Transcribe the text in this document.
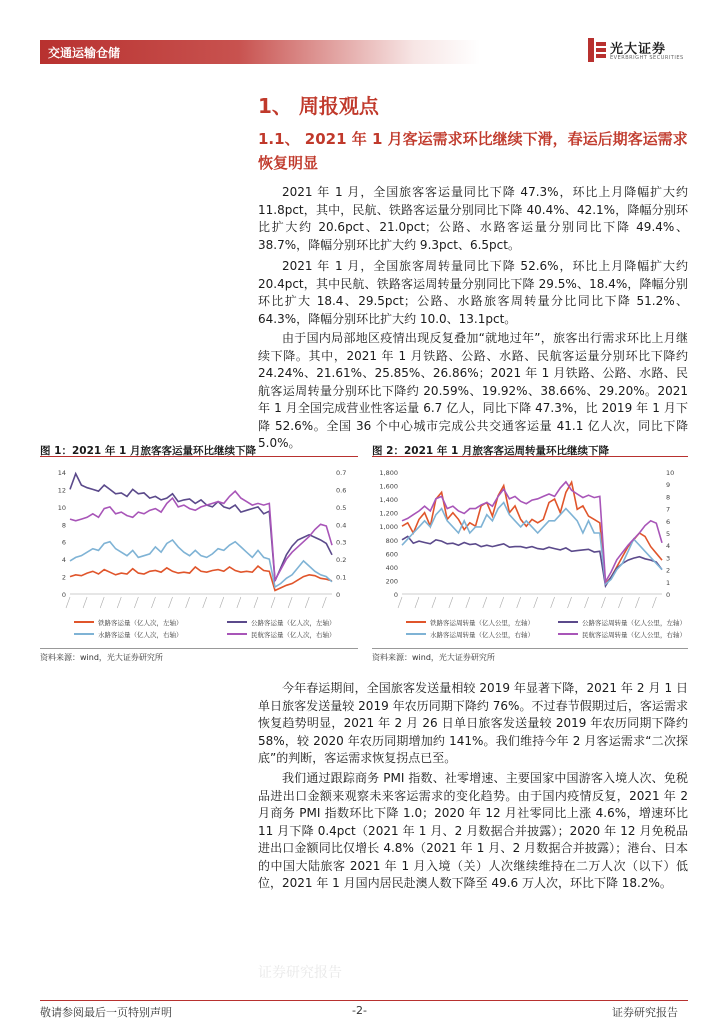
交通运输仓储	光大证券
EVERBRIGHT SECURITIES
1、 周报观点
1.1、 2021 年 1 月客运需求环比继续下滑，春运后期客运需求恢复明显

2021 年 1 月，全国旅客客运量同比下降 47.3%，环比上月降幅扩大约 11.8pct，其中，民航、铁路客运量分别同比下降 40.4%、42.1%，降幅分别环比扩大约 20.6pct、21.0pct；公路、水路客运量分别同比下降 49.4%、38.7%，降幅分别环比扩大约 9.3pct、6.5pct。

2021 年 1 月，全国旅客周转量同比下降 52.6%，环比上月降幅扩大约 20.4pct，其中民航、铁路客运周转量分别同比下降 29.5%、18.4%，降幅分别环比扩大 18.4、29.5pct；公路、水路旅客周转量分比同比下降 51.2%、64.3%，降幅分别环比扩大约 10.0、13.1pct。

由于国内局部地区疫情出现反复叠加“就地过年”，旅客出行需求环比上月继续下降。其中，2021 年 1 月铁路、公路、水路、民航客运量分别环比下降约 24.24%、21.61%、25.85%、26.86%；2021 年 1 月铁路、公路、水路、民航客运周转量分别环比下降约 20.59%、19.92%、38.66%、29.20%。2021 年 1 月全国完成营业性客运量 6.7 亿人，同比下降 47.3%，比 2019 年 1 月下降 52.6%。全国 36 个中心城市完成公共交通客运量 41.1 亿人次，同比下降 5.0%。

图 1：2021 年 1 月旅客客运量环比继续下降	图 2：2021 年 1 月旅客客运周转量环比继续下降
0
2
4
6
8
10
12
14
0
0.1
0.2
0.3
0.4
0.5
0.6
0.7
铁路客运量（亿人次，左轴）	公路客运量（亿人次，左轴）
水路客运量（亿人次，右轴）	民航客运量（亿人次，右轴）
0
200
400
600
800
1,000
1,200
1,400
1,600
1,800
0
1
2
3
4
5
6
7
8
9
10
铁路客运周转量（亿人公里，左轴）	公路客运周转量（亿人公里，左轴）
水路客运周转量（亿人公里，右轴）	民航客运周转量（亿人公里，右轴）
资料来源：wind，光大证券研究所	资料来源：wind，光大证券研究所

今年春运期间，全国旅客发送量相较 2019 年显著下降，2021 年 2 月 1 日单日旅客发送量较 2019 年农历同期下降约 76%。不过春节假期过后，客运需求恢复趋势明显，2021 年 2 月 26 日单日旅客发送量较 2019 年农历同期下降约 58%，较 2020 年农历同期增加约 141%。我们维持今年 2 月客运需求“二次探底”的判断，客运需求恢复拐点已至。

我们通过跟踪商务 PMI 指数、社零增速、主要国家中国游客入境人次、免税品进出口金额来观察未来客运需求的变化趋势。由于国内疫情反复，2021 年 2 月商务 PMI 指数环比下降 1.0；2020 年 12 月社零同比上涨 4.6%，增速环比 11 月下降 0.4pct（2021 年 1 月、2 月数据合并披露）；2020 年 12 月免税品进出口金额同比仅增长 4.8%（2021 年 1 月、2 月数据合并披露）；港台、日本的中国大陆旅客 2021 年 1 月入境（关）人次继续维持在二万人次（以下）低位，2021 年 1 月国内居民赴澳人数下降至 49.6 万人次，环比下降 18.2%。

证券研究报告
敬请参阅最后一页特别声明	-2-	证券研究报告
